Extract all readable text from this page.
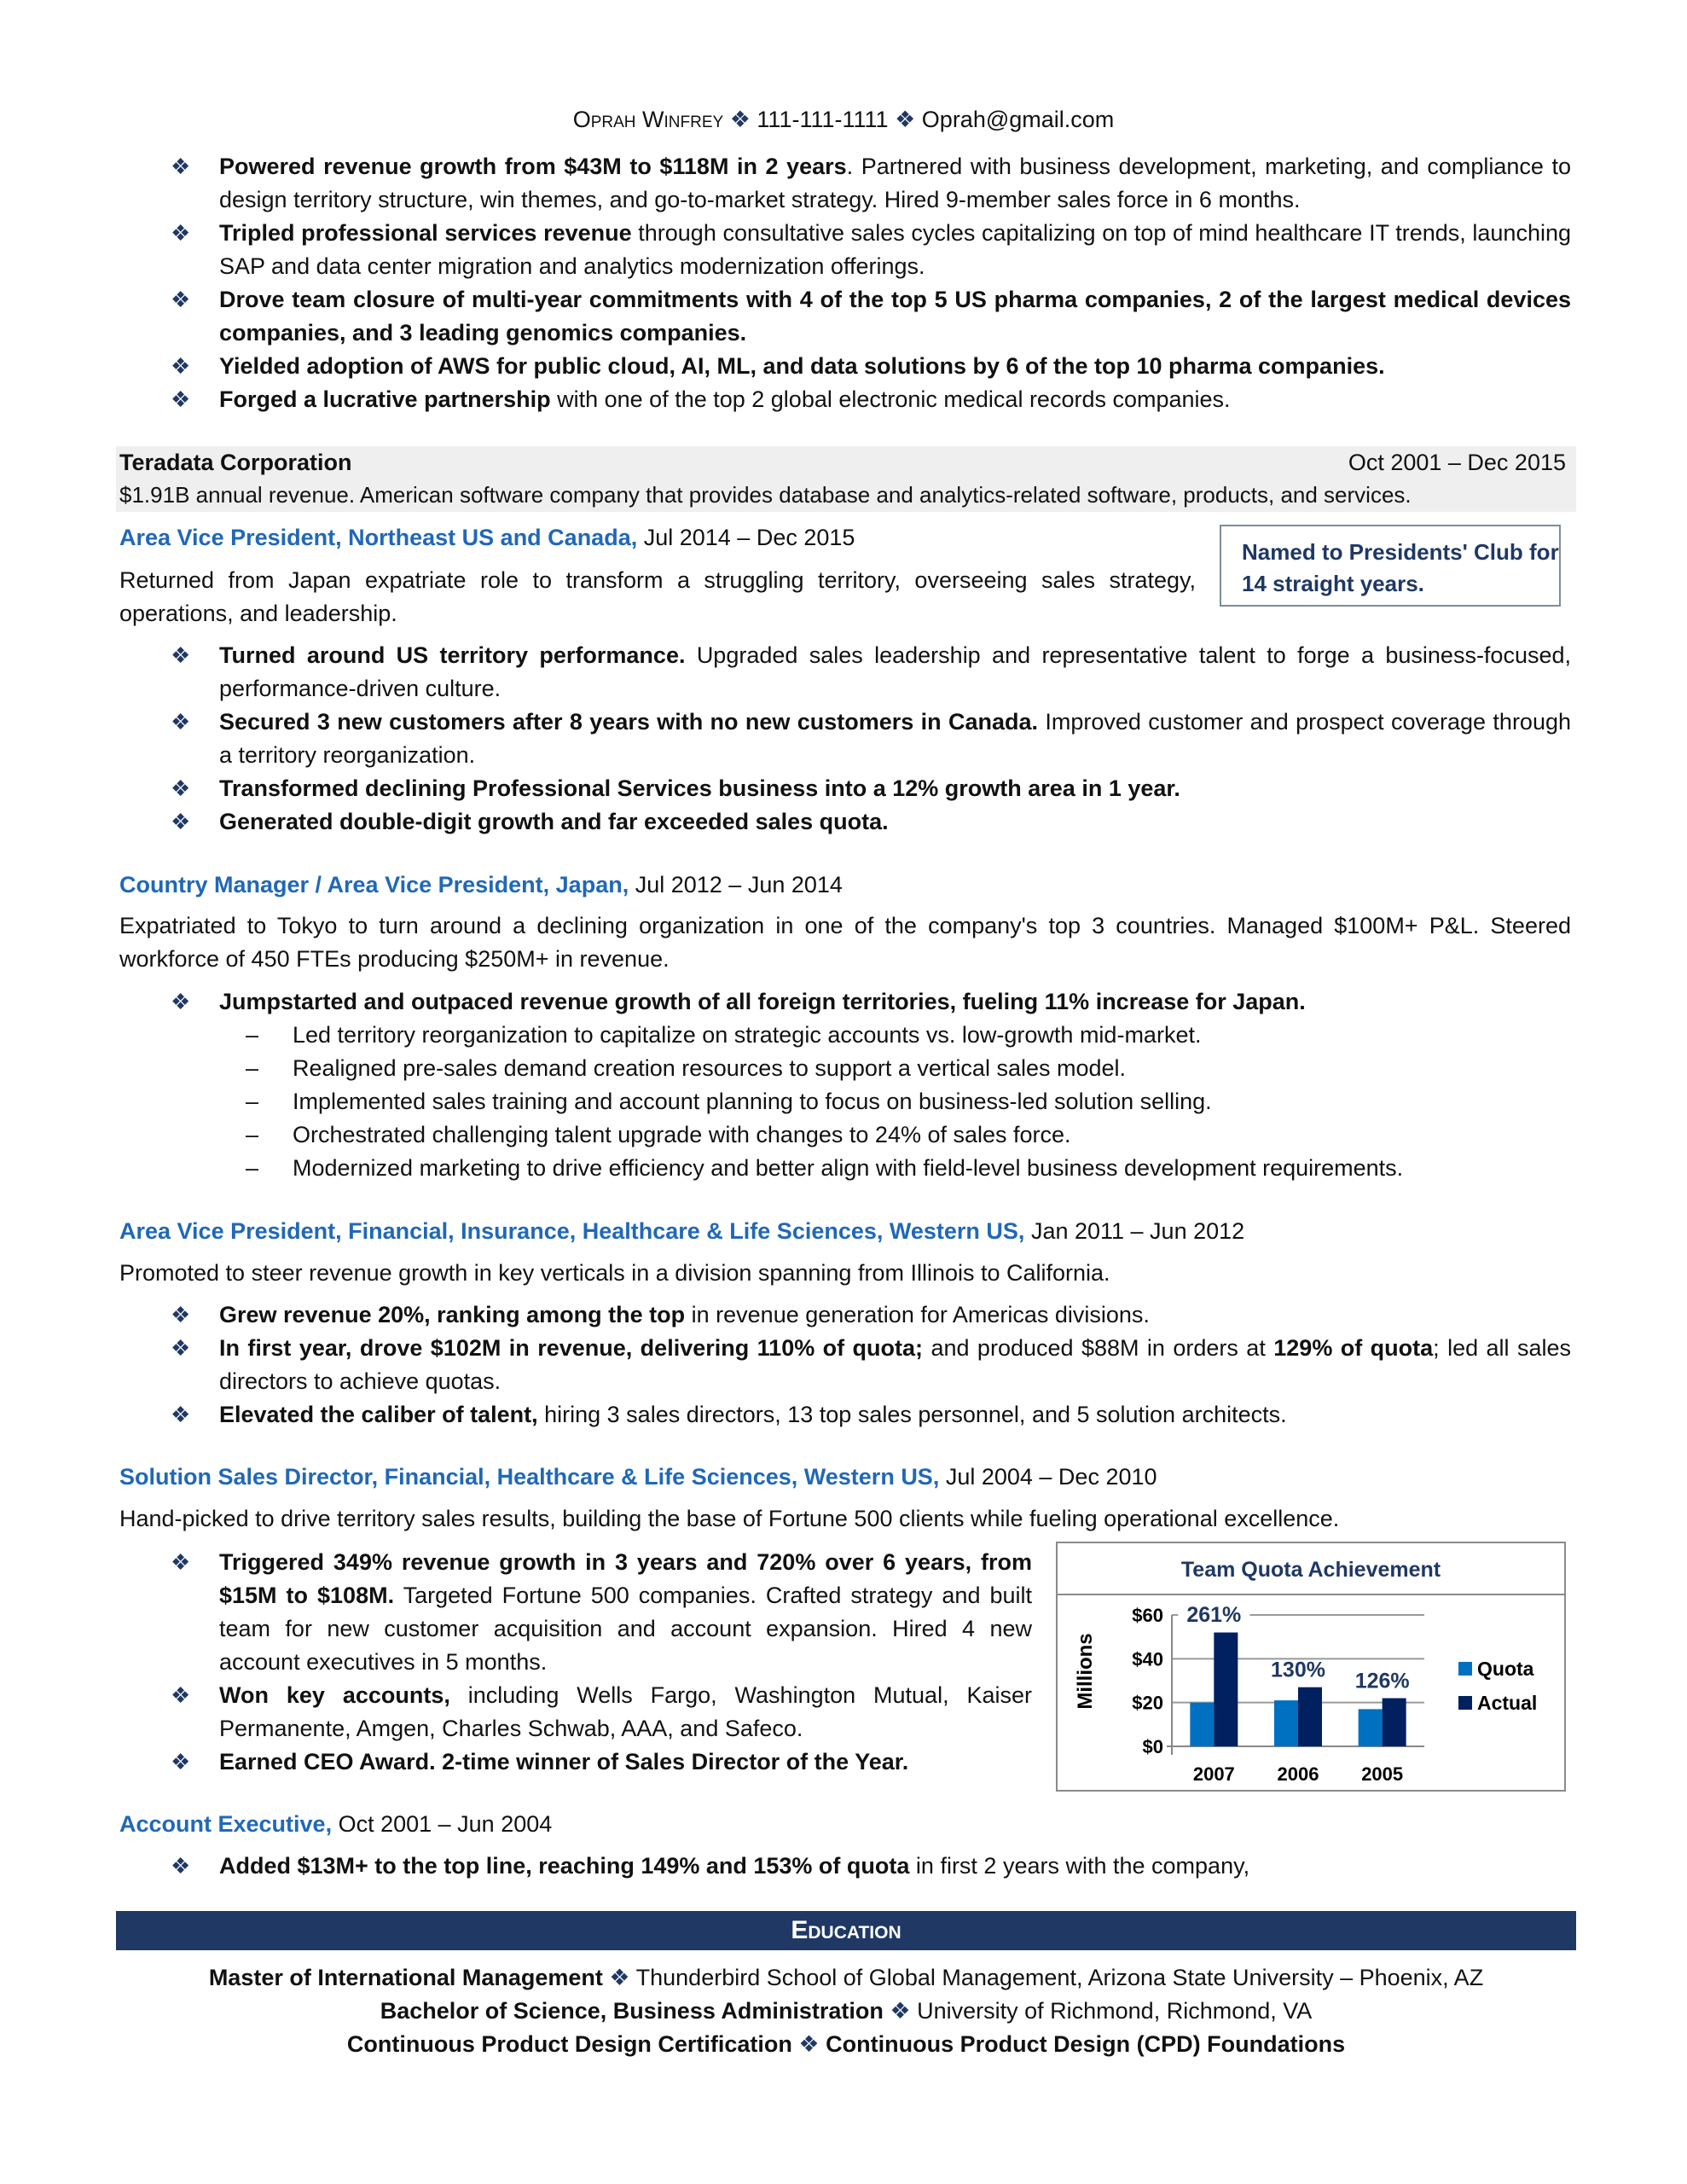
Oprah Winfrey ❖ 111-111-1111 ❖ Oprah@gmail.com
❖ Powered revenue growth from $43M to $118M in 2 years. Partnered with business development, marketing, and compliance to design territory structure, win themes, and go-to-market strategy. Hired 9-member sales force in 6 months.
❖ Tripled professional services revenue through consultative sales cycles capitalizing on top of mind healthcare IT trends, launching SAP and data center migration and analytics modernization offerings.
❖ Drove team closure of multi-year commitments with 4 of the top 5 US pharma companies, 2 of the largest medical devices companies, and 3 leading genomics companies.
❖ Yielded adoption of AWS for public cloud, AI, ML, and data solutions by 6 of the top 10 pharma companies.
❖ Forged a lucrative partnership with one of the top 2 global electronic medical records companies.
Teradata Corporation	Oct 2001 – Dec 2015
$1.91B annual revenue. American software company that provides database and analytics-related software, products, and services.
Named to Presidents' Club for 14 straight years.
Area Vice President, Northeast US and Canada, Jul 2014 – Dec 2015
Returned from Japan expatriate role to transform a struggling territory, overseeing sales strategy, operations, and leadership.
❖ Turned around US territory performance. Upgraded sales leadership and representative talent to forge a business-focused, performance-driven culture.
❖ Secured 3 new customers after 8 years with no new customers in Canada. Improved customer and prospect coverage through a territory reorganization.
❖ Transformed declining Professional Services business into a 12% growth area in 1 year.
❖ Generated double-digit growth and far exceeded sales quota.
Country Manager / Area Vice President, Japan, Jul 2012 – Jun 2014
Expatriated to Tokyo to turn around a declining organization in one of the company's top 3 countries. Managed $100M+ P&L. Steered workforce of 450 FTEs producing $250M+ in revenue.
❖ Jumpstarted and outpaced revenue growth of all foreign territories, fueling 11% increase for Japan.
– Led territory reorganization to capitalize on strategic accounts vs. low-growth mid-market.
– Realigned pre-sales demand creation resources to support a vertical sales model.
– Implemented sales training and account planning to focus on business-led solution selling.
– Orchestrated challenging talent upgrade with changes to 24% of sales force.
– Modernized marketing to drive efficiency and better align with field-level business development requirements.
Area Vice President, Financial, Insurance, Healthcare & Life Sciences, Western US, Jan 2011 – Jun 2012
Promoted to steer revenue growth in key verticals in a division spanning from Illinois to California.
❖ Grew revenue 20%, ranking among the top in revenue generation for Americas divisions.
❖ In first year, drove $102M in revenue, delivering 110% of quota; and produced $88M in orders at 129% of quota; led all sales directors to achieve quotas.
❖ Elevated the caliber of talent, hiring 3 sales directors, 13 top sales personnel, and 5 solution architects.
Solution Sales Director, Financial, Healthcare & Life Sciences, Western US, Jul 2004 – Dec 2010
Hand-picked to drive territory sales results, building the base of Fortune 500 clients while fueling operational excellence.
❖ Triggered 349% revenue growth in 3 years and 720% over 6 years, from $15M to $108M. Targeted Fortune 500 companies. Crafted strategy and built team for new customer acquisition and account expansion. Hired 4 new account executives in 5 months.
❖ Won key accounts, including Wells Fargo, Washington Mutual, Kaiser Permanente, Amgen, Charles Schwab, AAA, and Safeco.
❖ Earned CEO Award. 2-time winner of Sales Director of the Year.
Account Executive, Oct 2001 – Jun 2004
❖ Added $13M+ to the top line, reaching 149% and 153% of quota in first 2 years with the company,
Team Quota Achievement
$0
$20
$40
$60
Millions
2007
261%
2006
130%
2005
126%
Quota
Actual
Education
Master of International Management ❖ Thunderbird School of Global Management, Arizona State University – Phoenix, AZ
Bachelor of Science, Business Administration ❖ University of Richmond, Richmond, VA
Continuous Product Design Certification ❖ Continuous Product Design (CPD) Foundations
